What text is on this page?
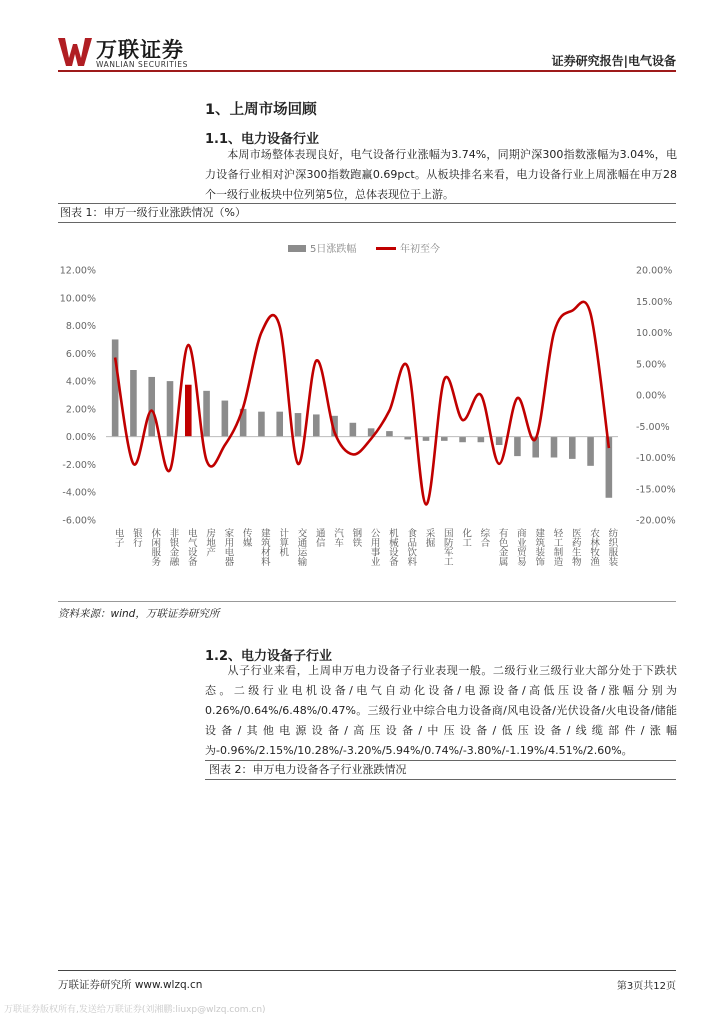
万联证券
WANLIAN SECURITIES	证券研究报告|电气设备
1、上周市场回顾
1.1、电力设备行业
本周市场整体表现良好，电气设备行业涨幅为3.74%，同期沪深300指数涨幅为3.04%，电力设备行业相对沪深300指数跑赢0.69pct。从板块排名来看，电力设备行业上周涨幅在申万28个一级行业板块中位列第5位，总体表现位于上游。
图表 1：申万一级行业涨跌情况（%）
5日涨跌幅	年初至今
-6.00%
-4.00%
-2.00%
0.00%
2.00%
4.00%
6.00%
8.00%
10.00%
12.00%
-20.00%
-15.00%
-10.00%
-5.00%
0.00%
5.00%
10.00%
15.00%
20.00%
电子 银行 休闲服务 非银金融 电气设备 房地产 家用电器 传媒 建筑材料 计算机 交通运输 通信 汽车 钢铁 公用事业 机械设备 食品饮料 采掘 国防军工 化工 综合 有色金属 商业贸易 建筑装饰 轻工制造 医药生物 农林牧渔 纺织服装
资料来源：wind，万联证券研究所
1.2、电力设备子行业
从子行业来看，上周申万电力设备子行业表现一般。二级行业三级行业大部分处于下跌状态。二级行业电机设备/电气自动化设备/电源设备/高低压设备/涨幅分别为0.26%/0.64%/6.48%/0.47%。三级行业中综合电力设备商/风电设备/光伏设备/火电设备/储能设备/其他电源设备/高压设备/中压设备/低压设备/线缆部件/涨幅为-0.96%/2.15%/10.28%/-3.20%/5.94%/0.74%/-3.80%/-1.19%/4.51%/2.60%。
图表 2：申万电力设备各子行业涨跌情况
万联证券研究所 www.wlzq.cn	第3页共12页
万联证券版权所有,发送给万联证券(刘湘鹏:liuxp@wlzq.com.cn)
